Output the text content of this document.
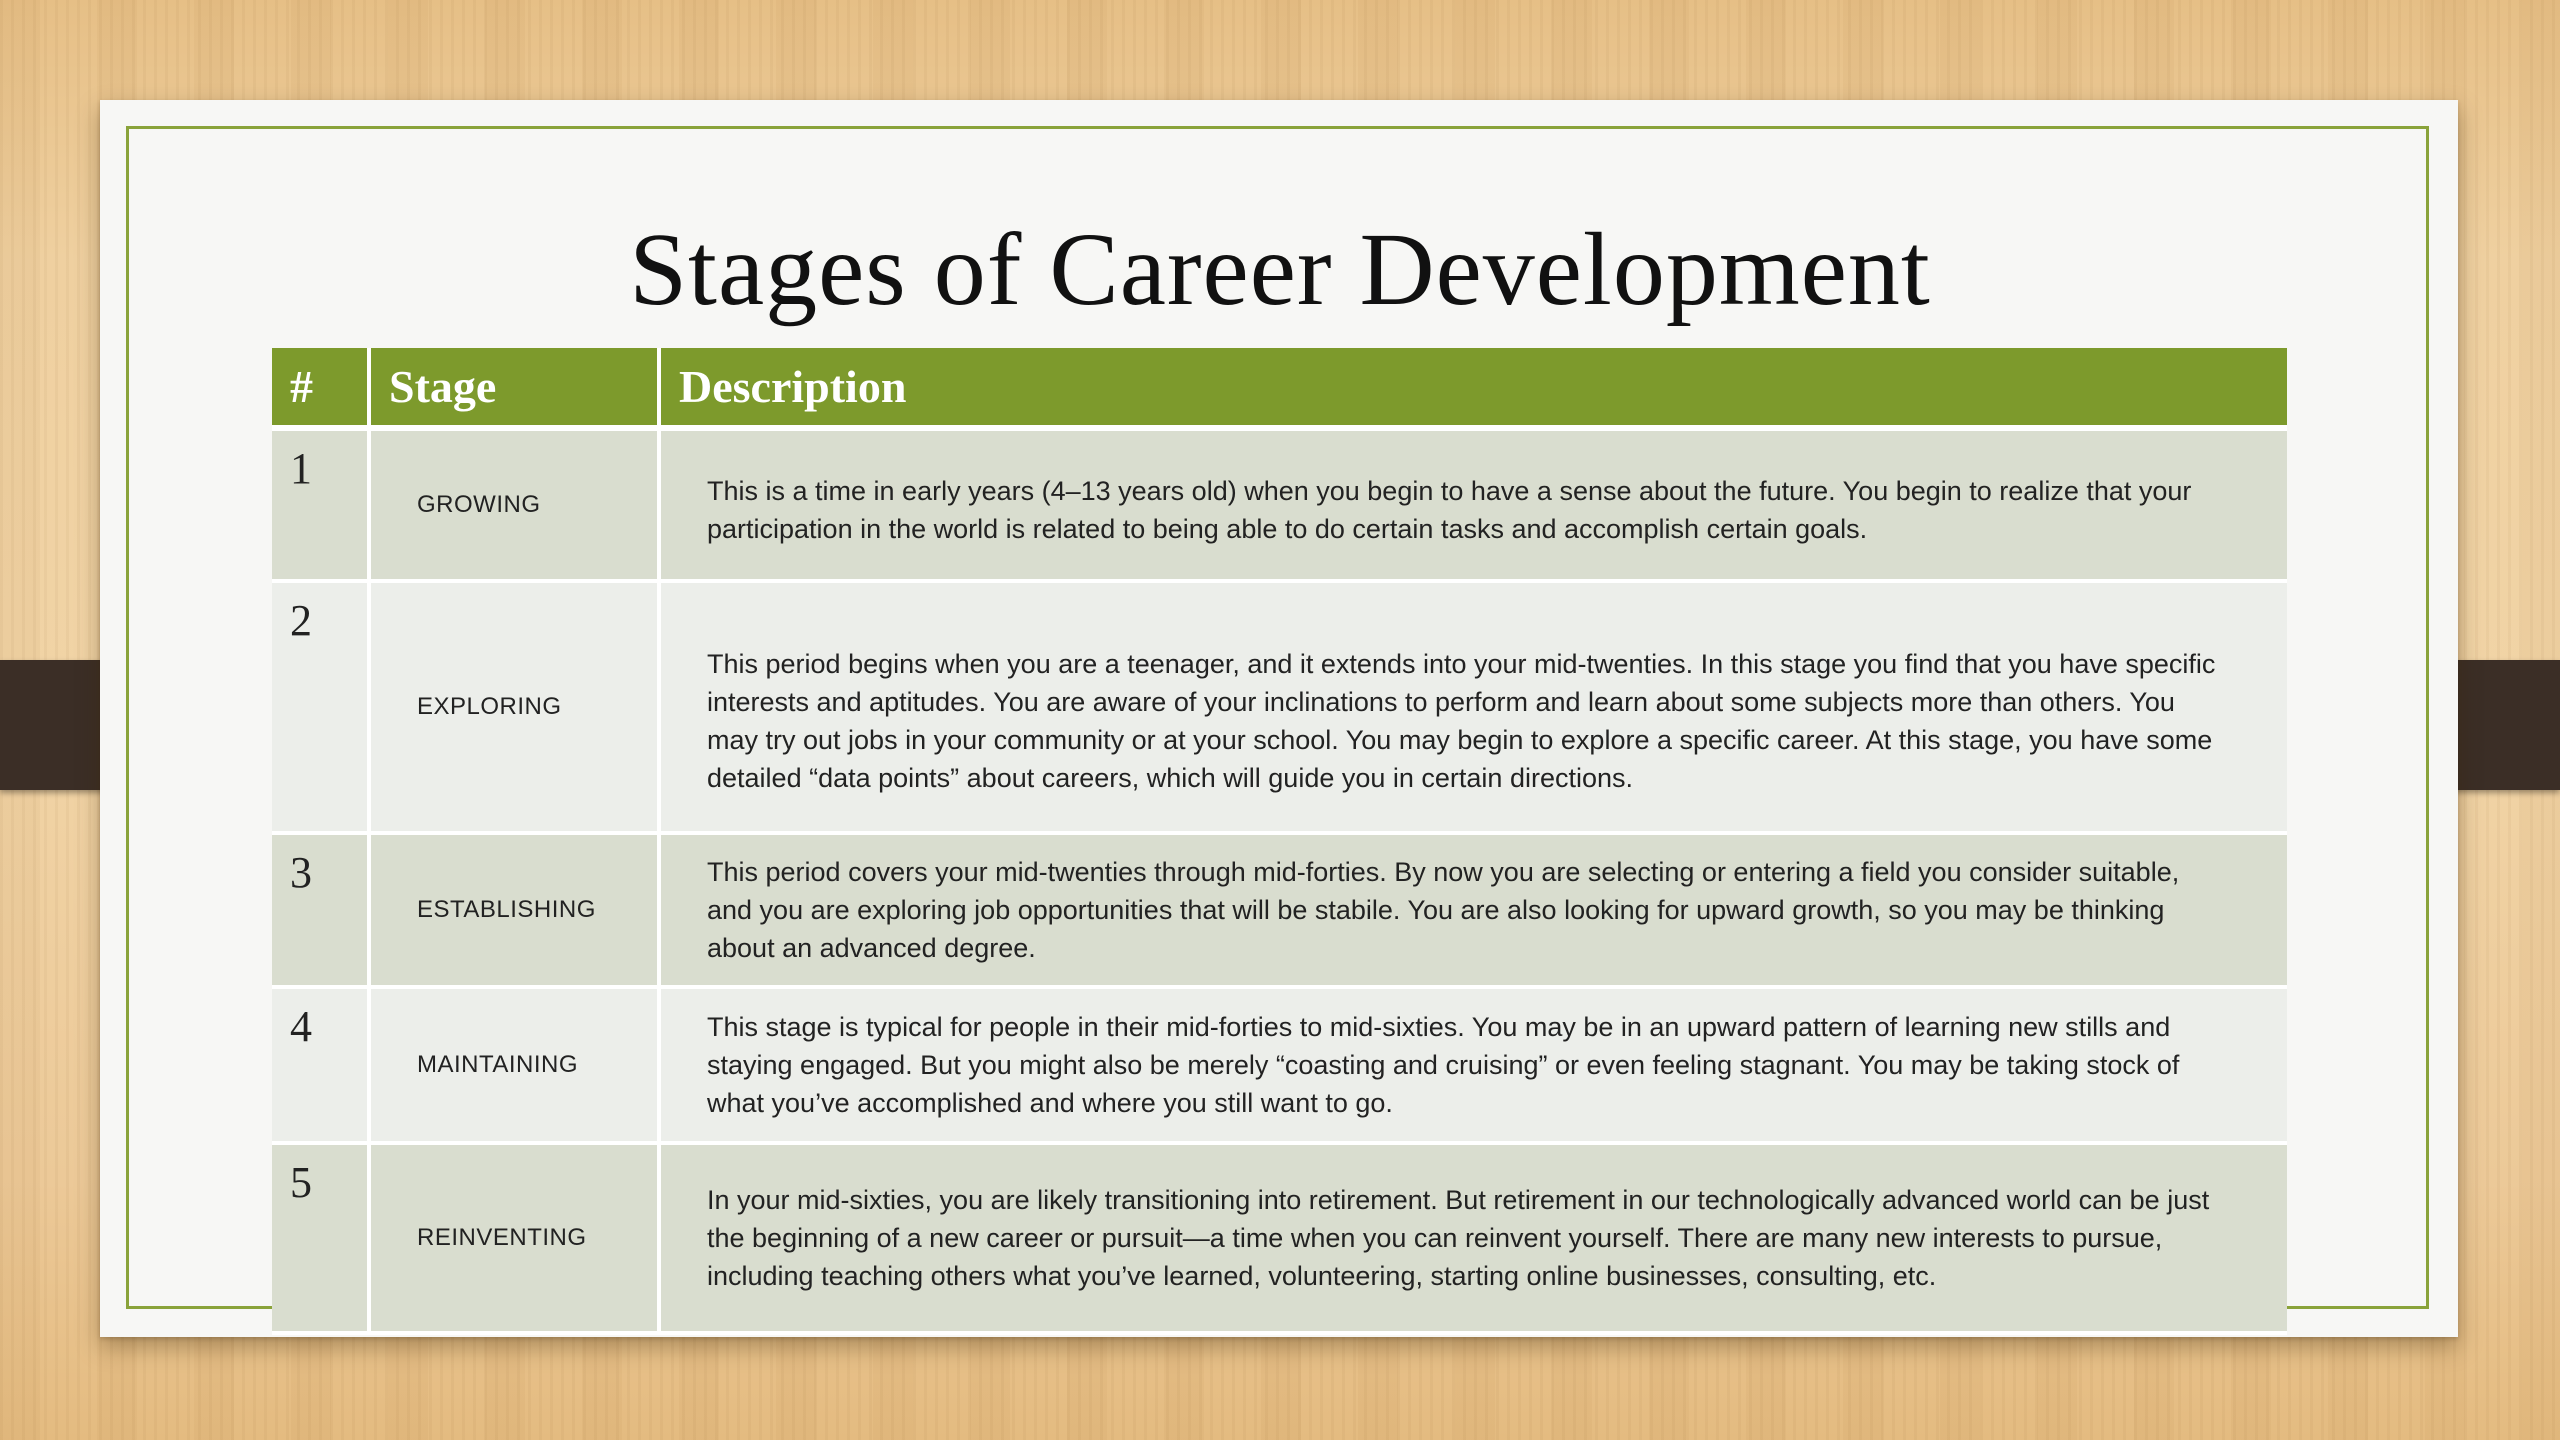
Stages of Career Development
#	Stage	Description
1	GROWING	This is a time in early years (4–13 years old) when you begin to have a sense about the future. You begin to realize that your participation in the world is related to being able to do certain tasks and accomplish certain goals.
2	EXPLORING	This period begins when you are a teenager, and it extends into your mid-twenties. In this stage you find that you have specific interests and aptitudes. You are aware of your inclinations to perform and learn about some subjects more than others. You may try out jobs in your community or at your school. You may begin to explore a specific career. At this stage, you have some detailed “data points” about careers, which will guide you in certain directions.
3	ESTABLISHING	This period covers your mid-twenties through mid-forties. By now you are selecting or entering a field you consider suitable, and you are exploring job opportunities that will be stabile. You are also looking for upward growth, so you may be thinking about an advanced degree.
4	MAINTAINING	This stage is typical for people in their mid-forties to mid-sixties. You may be in an upward pattern of learning new stills and staying engaged. But you might also be merely “coasting and cruising” or even feeling stagnant. You may be taking stock of what you’ve accomplished and where you still want to go.
5	REINVENTING	In your mid-sixties, you are likely transitioning into retirement. But retirement in our technologically advanced world can be just the beginning of a new career or pursuit—a time when you can reinvent yourself. There are many new interests to pursue, including teaching others what you’ve learned, volunteering, starting online businesses, consulting, etc.
